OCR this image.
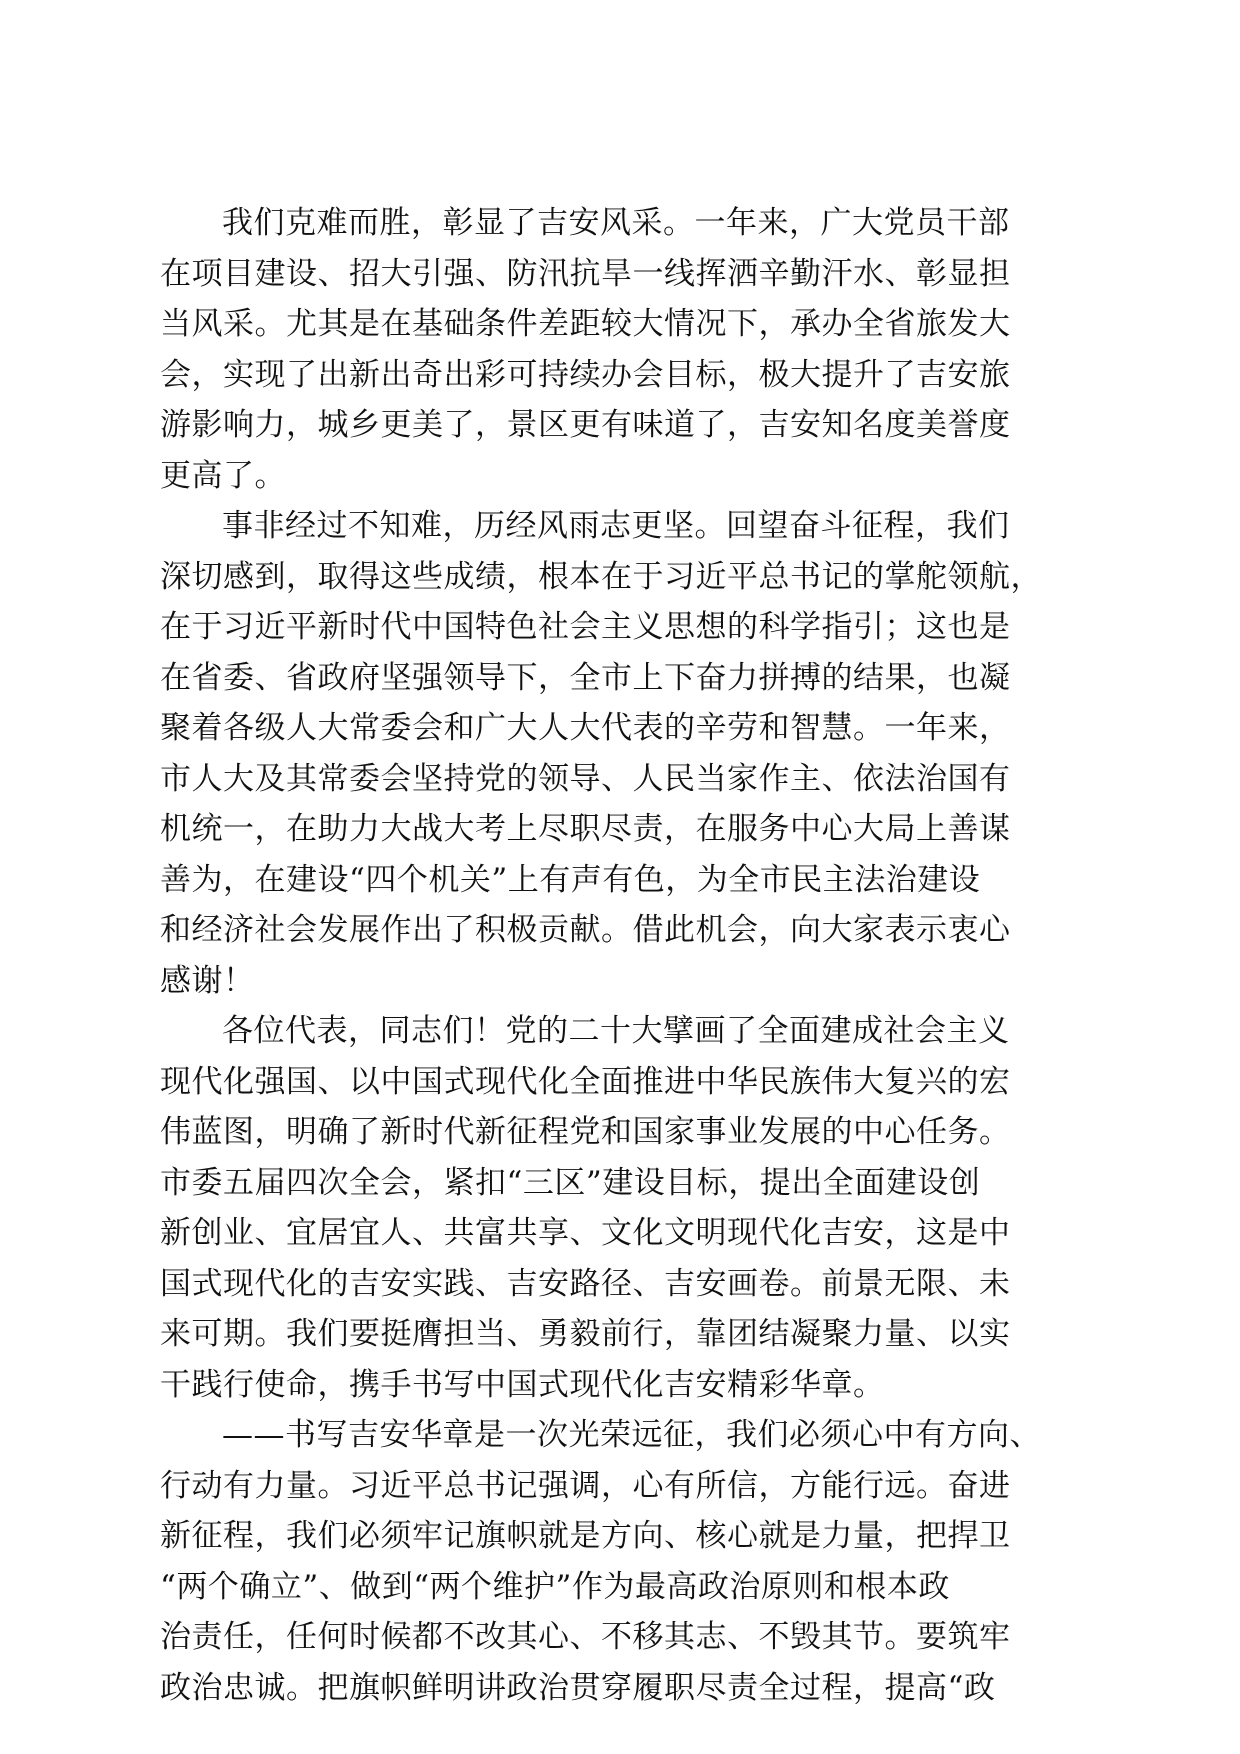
我们克难而胜，彰显了吉安风采。一年来，广大党员干部
在项目建设、招大引强、防汛抗旱一线挥洒辛勤汗水、彰显担
当风采。尤其是在基础条件差距较大情况下，承办全省旅发大
会，实现了出新出奇出彩可持续办会目标，极大提升了吉安旅
游影响力，城乡更美了，景区更有味道了，吉安知名度美誉度
更高了。

事非经过不知难，历经风雨志更坚。回望奋斗征程，我们
深切感到，取得这些成绩，根本在于习近平总书记的掌舵领航，
在于习近平新时代中国特色社会主义思想的科学指引；这也是
在省委、省政府坚强领导下，全市上下奋力拼搏的结果，也凝
聚着各级人大常委会和广大人大代表的辛劳和智慧。一年来，
市人大及其常委会坚持党的领导、人民当家作主、依法治国有
机统一，在助力大战大考上尽职尽责，在服务中心大局上善谋
善为，在建设“四个机关”上有声有色，为全市民主法治建设
和经济社会发展作出了积极贡献。借此机会，向大家表示衷心
感谢！

各位代表，同志们！党的二十大擘画了全面建成社会主义
现代化强国、以中国式现代化全面推进中华民族伟大复兴的宏
伟蓝图，明确了新时代新征程党和国家事业发展的中心任务。
市委五届四次全会，紧扣“三区”建设目标，提出全面建设创
新创业、宜居宜人、共富共享、文化文明现代化吉安，这是中
国式现代化的吉安实践、吉安路径、吉安画卷。前景无限、未
来可期。我们要挺膺担当、勇毅前行，靠团结凝聚力量、以实
干践行使命，携手书写中国式现代化吉安精彩华章。

——书写吉安华章是一次光荣远征，我们必须心中有方向、
行动有力量。习近平总书记强调，心有所信，方能行远。奋进
新征程，我们必须牢记旗帜就是方向、核心就是力量，把捍卫
“两个确立”、做到“两个维护”作为最高政治原则和根本政
治责任，任何时候都不改其心、不移其志、不毁其节。要筑牢
政治忠诚。把旗帜鲜明讲政治贯穿履职尽责全过程，提高“政
